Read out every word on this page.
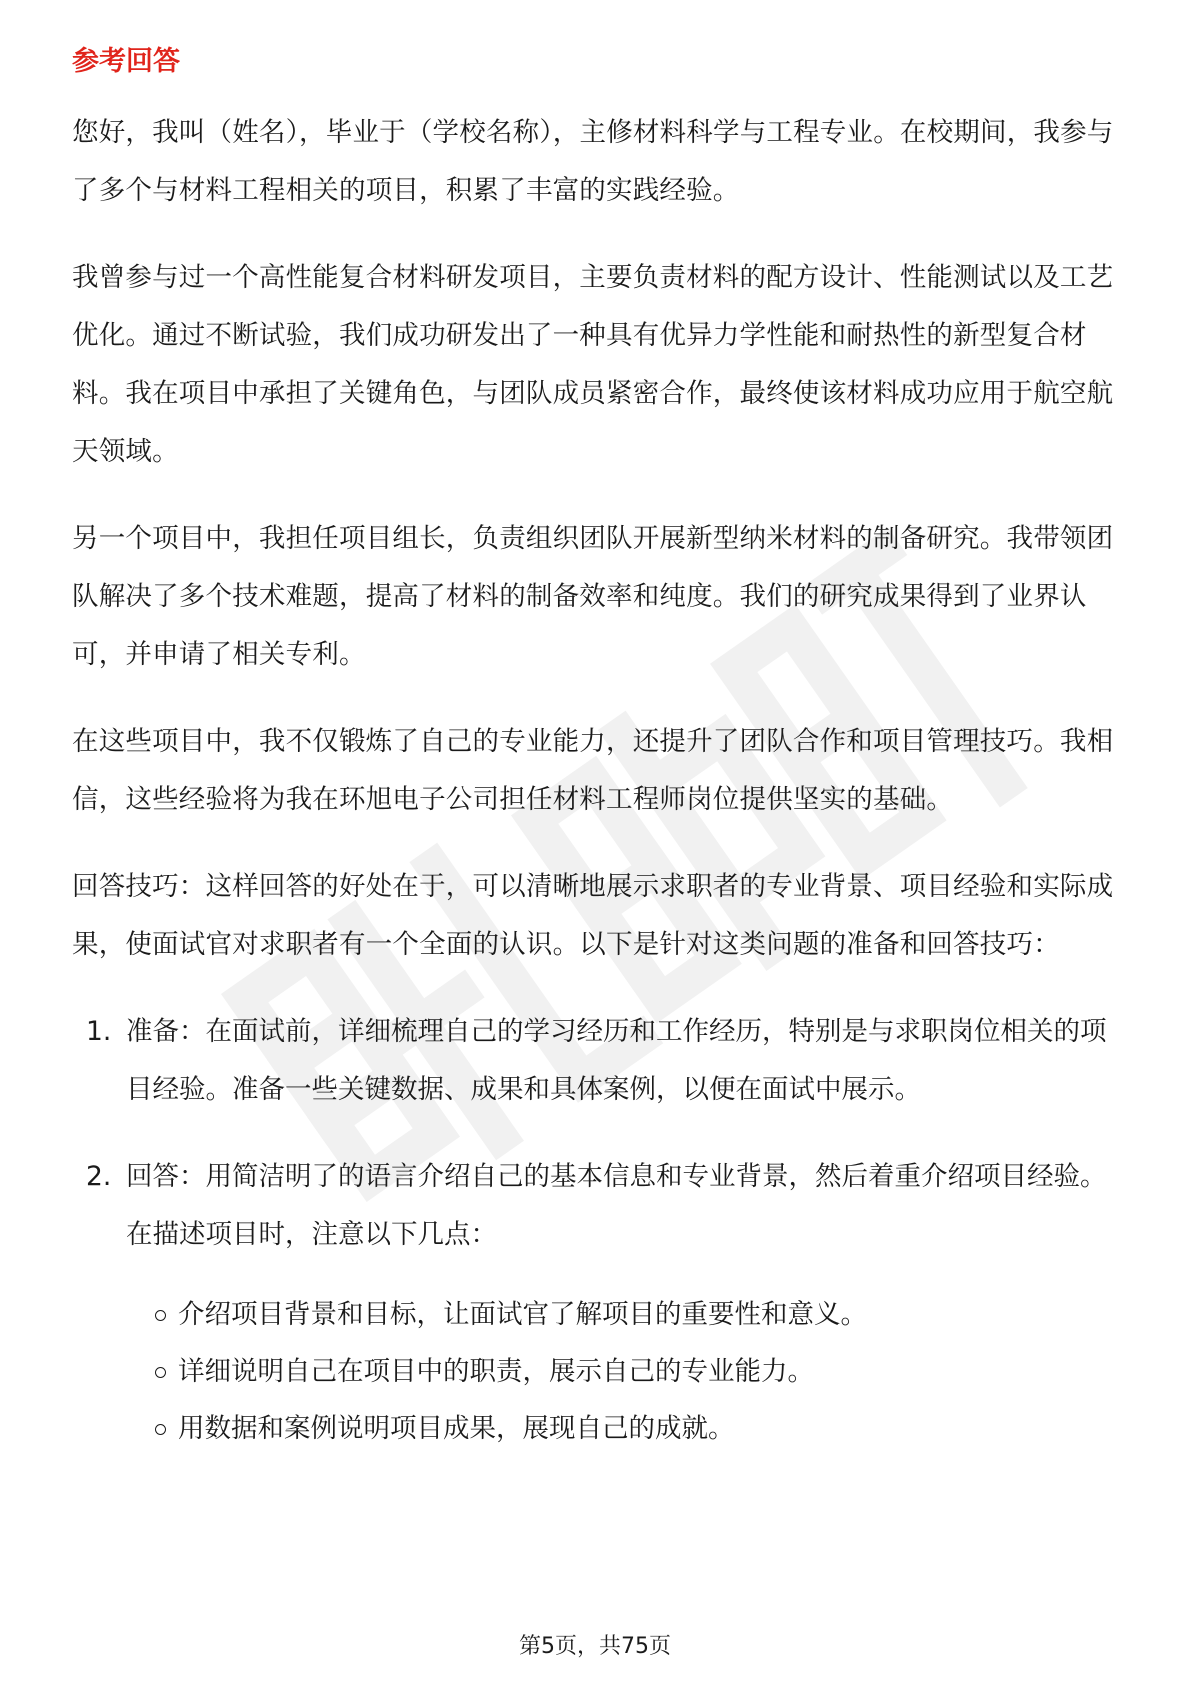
参考回答

您好，我叫（姓名），毕业于（学校名称），主修材料科学与工程专业。在校期间，我参与了多个与材料工程相关的项目，积累了丰富的实践经验。

我曾参与过一个高性能复合材料研发项目，主要负责材料的配方设计、性能测试以及工艺优化。通过不断试验，我们成功研发出了一种具有优异力学性能和耐热性的新型复合材料。我在项目中承担了关键角色，与团队成员紧密合作，最终使该材料成功应用于航空航天领域。

另一个项目中，我担任项目组长，负责组织团队开展新型纳米材料的制备研究。我带领团队解决了多个技术难题，提高了材料的制备效率和纯度。我们的研究成果得到了业界认可，并申请了相关专利。

在这些项目中，我不仅锻炼了自己的专业能力，还提升了团队合作和项目管理技巧。我相信，这些经验将为我在环旭电子公司担任材料工程师岗位提供坚实的基础。

回答技巧：这样回答的好处在于，可以清晰地展示求职者的专业背景、项目经验和实际成果，使面试官对求职者有一个全面的认识。以下是针对这类问题的准备和回答技巧：

1. 准备：在面试前，详细梳理自己的学习经历和工作经历，特别是与求职岗位相关的项目经验。准备一些关键数据、成果和具体案例，以便在面试中展示。
2. 回答：用简洁明了的语言介绍自己的基本信息和专业背景，然后着重介绍项目经验。在描述项目时，注意以下几点：
介绍项目背景和目标，让面试官了解项目的重要性和意义。
详细说明自己在项目中的职责，展示自己的专业能力。
用数据和案例说明项目成果，展现自己的成就。
第5页，共75页
